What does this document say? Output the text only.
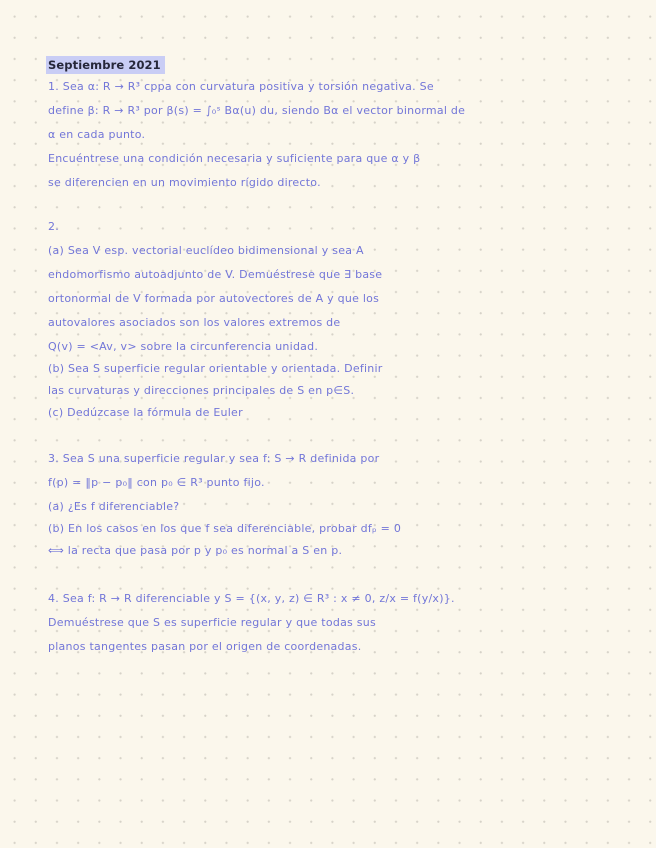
Septiembre 2021
1. Sea α: R → R³ cppa con curvatura positiva y torsión negativa. Se
define β: R → R³ por β(s) = ∫₀ˢ Bα(u) du, siendo Bα el vector binormal de
α en cada punto.
Encuéntrese una condición necesaria y suficiente para que α y β
se diferencien en un movimiento rígido directo.
2.
(a) Sea V esp. vectorial euclídeo bidimensional y sea A
endomorfismo autoadjunto de V. Demuéstrese que ∃ base
ortonormal de V formada por autovectores de A y que los
autovalores asociados son los valores extremos de
Q(v) = <Av, v> sobre la circunferencia unidad.
(b) Sea S superficie regular orientable y orientada. Definir
las curvaturas y direcciones principales de S en p∈S.
(c) Dedúzcase la fórmula de Euler
3. Sea S una superficie regular y sea f: S → R definida por
f(p) = ‖p − p₀‖ con p₀ ∈ R³ punto fijo.
(a) ¿Es f diferenciable?
(b) En los casos en los que f sea diferenciable, probar dfₚ = 0
⟺ la recta que pasa por p y p₀ es normal a S en p.
4. Sea f: R → R diferenciable y S = {(x, y, z) ∈ R³ : x ≠ 0, z/x = f(y/x)}.
Demuéstrese que S es superficie regular y que todas sus
planos tangentes pasan por el origen de coordenadas.
